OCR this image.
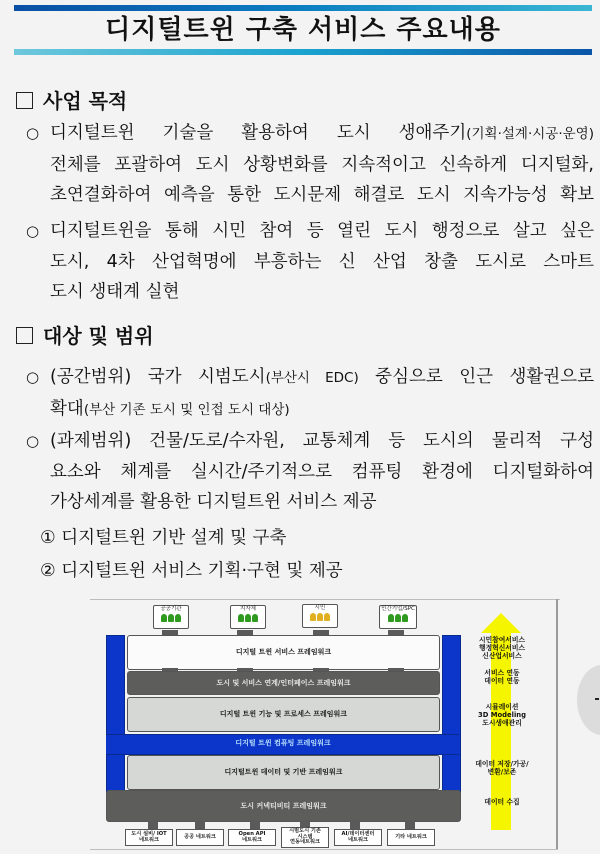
디지털트윈 구축 서비스 주요내용
사업 목적
○ 디지털트윈 기술을 활용하여 도시 생애주기(기획·설계·시공·운영)
전체를 포괄하여 도시 상황변화를 지속적이고 신속하게 디지털화,
초연결화하여 예측을 통한 도시문제 해결로 도시 지속가능성 확보
○ 디지털트윈을 통해 시민 참여 등 열린 도시 행정으로 살고 싶은
도시, 4차 산업혁명에 부흥하는 신 산업 창출 도시로 스마트
도시 생태계 실현
대상 및 범위
○ (공간범위) 국가 시범도시(부산시 EDC) 중심으로 인근 생활권으로
확대(부산 기존 도시 및 인접 도시 대상)
○ (과제범위) 건물/도로/수자원, 교통체계 등 도시의 물리적 구성
요소와 체계를 실시간/주기적으로 컴퓨팅 환경에 디지털화하여
가상세계를 활용한 디지털트윈 서비스 제공
① 디지털트윈 기반 설계 및 구축
② 디지털트윈 서비스 기획·구현 및 제공
공공기관	지자체	시민	민간기업/SPC
디지털 트윈 컴퓨팅 프레임워크
디지털 트윈 서비스 프레임워크
도시 및 서비스 연계/인터페이스 프레임워크
디지털 트윈 기능 및 프로세스 프레임워크
디지털트윈 데이터 및 기반 프레임워크
도시 커넥티비티 프레임워크
도시 설비/ IOT
네트워크	공공 네트워크	Open API
네트워크
시범도시 기존
시스템
연동네트워크
AI/데이터센터
네트워크	기타 네트워크
시민참여서비스
행정혁신서비스
신산업서비스
서비스 연동
데이터 연동
시뮬레이션
3D Modeling
도시생애관리
데이터 저장/가공/
변환/보존
데이터 수집
